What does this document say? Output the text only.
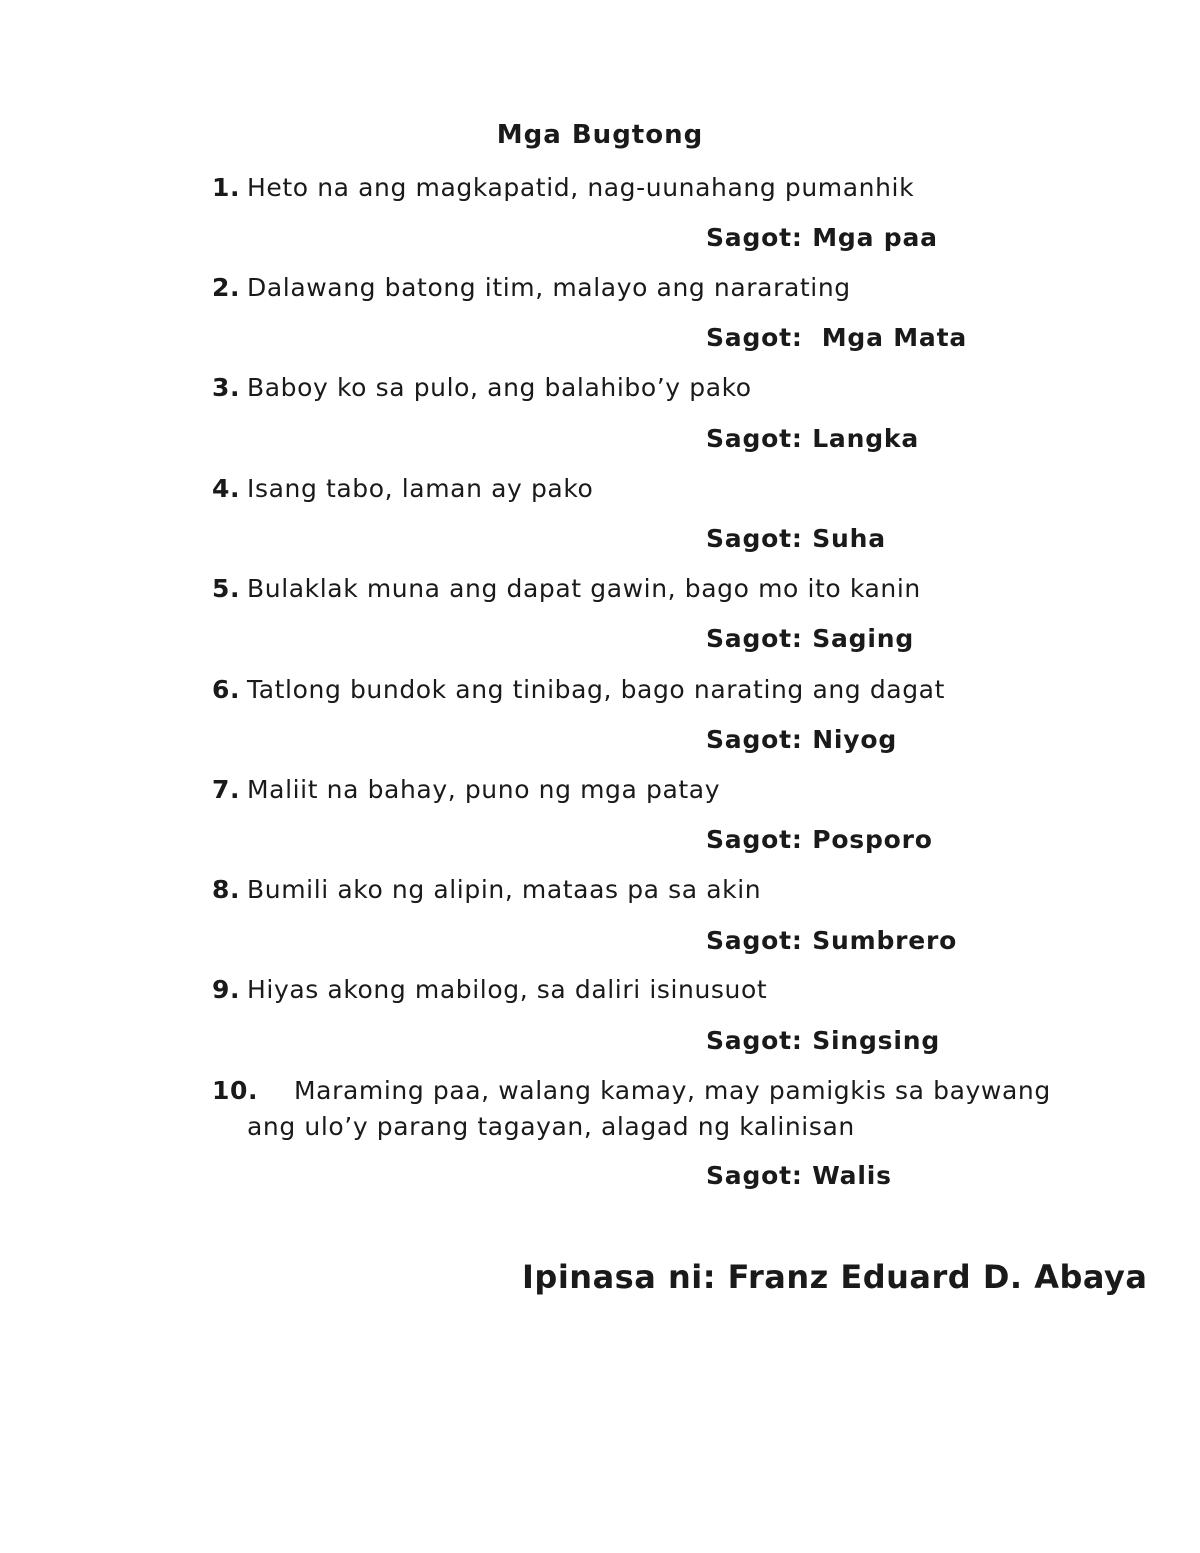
Mga Bugtong
1. Heto na ang magkapatid, nag-uunahang pumanhik
Sagot: Mga paa
2. Dalawang batong itim, malayo ang nararating
Sagot:  Mga Mata
3. Baboy ko sa pulo, ang balahibo’y pako
Sagot: Langka
4. Isang tabo, laman ay pako
Sagot: Suha
5. Bulaklak muna ang dapat gawin, bago mo ito kanin
Sagot: Saging
6. Tatlong bundok ang tinibag, bago narating ang dagat
Sagot: Niyog
7. Maliit na bahay, puno ng mga patay
Sagot: Posporo
8. Bumili ako ng alipin, mataas pa sa akin
Sagot: Sumbrero
9. Hiyas akong mabilog, sa daliri isinusuot
Sagot: Singsing
10. Maraming paa, walang kamay, may pamigkis sa baywang
ang ulo’y parang tagayan, alagad ng kalinisan
Sagot: Walis
Ipinasa ni: Franz Eduard D. Abaya
